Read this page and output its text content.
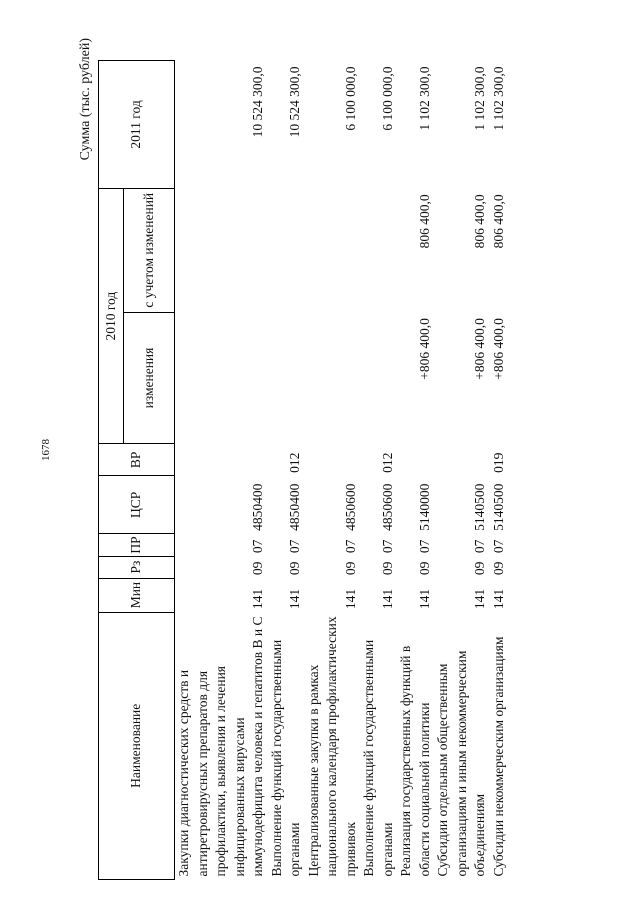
1678
Сумма (тыс. рублей)
Наименование	Мин	Рз	ПР	ЦСР	ВР	2010 год		2011 год
						изменения	с учетом изменений	
Закупки диагностических средств и антиретровирусных препаратов для профилактики, выявления и лечения инфицированных вирусами иммунодефицита человека и гепатитов В и С	141	09	07	4850400				10 524 300,0
Выполнение функций государственными органами	141	09	07	4850400	012			10 524 300,0
Централизованные закупки в рамках национального календаря профилактических прививок	141	09	07	4850600				6 100 000,0
Выполнение функций государственными органами	141	09	07	4850600	012			6 100 000,0
Реализация государственных функций в области социальной политики	141	09	07	5140000		+806 400,0	806 400,0	1 102 300,0
Субсидии отдельным общественным организациям и иным некоммерческим объединениям	141	09	07	5140500		+806 400,0	806 400,0	1 102 300,0
Субсидии некоммерческим организациям	141	09	07	5140500	019	+806 400,0	806 400,0	1 102 300,0
